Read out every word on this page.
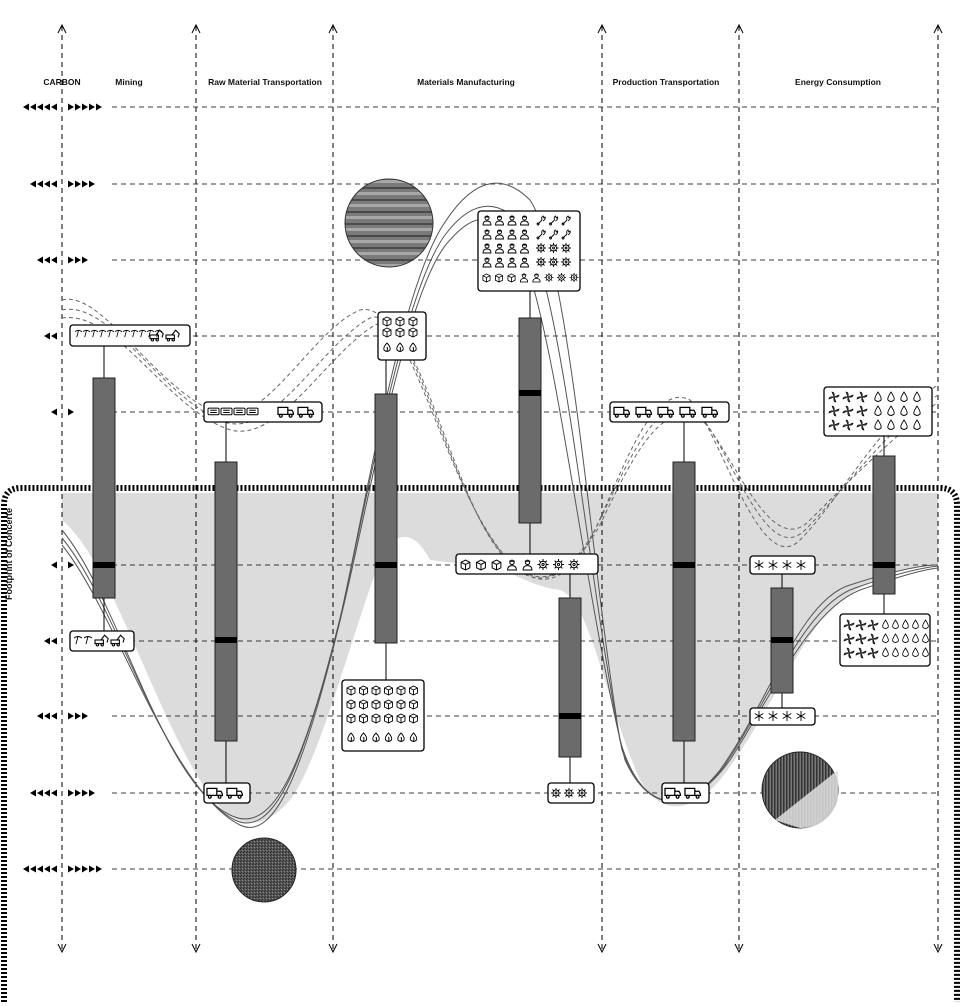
CARBON	Mining	Raw Material Transportation	Materials Manufacturing	Production Transportation	Energy Consumption
Footprint of Concerte
